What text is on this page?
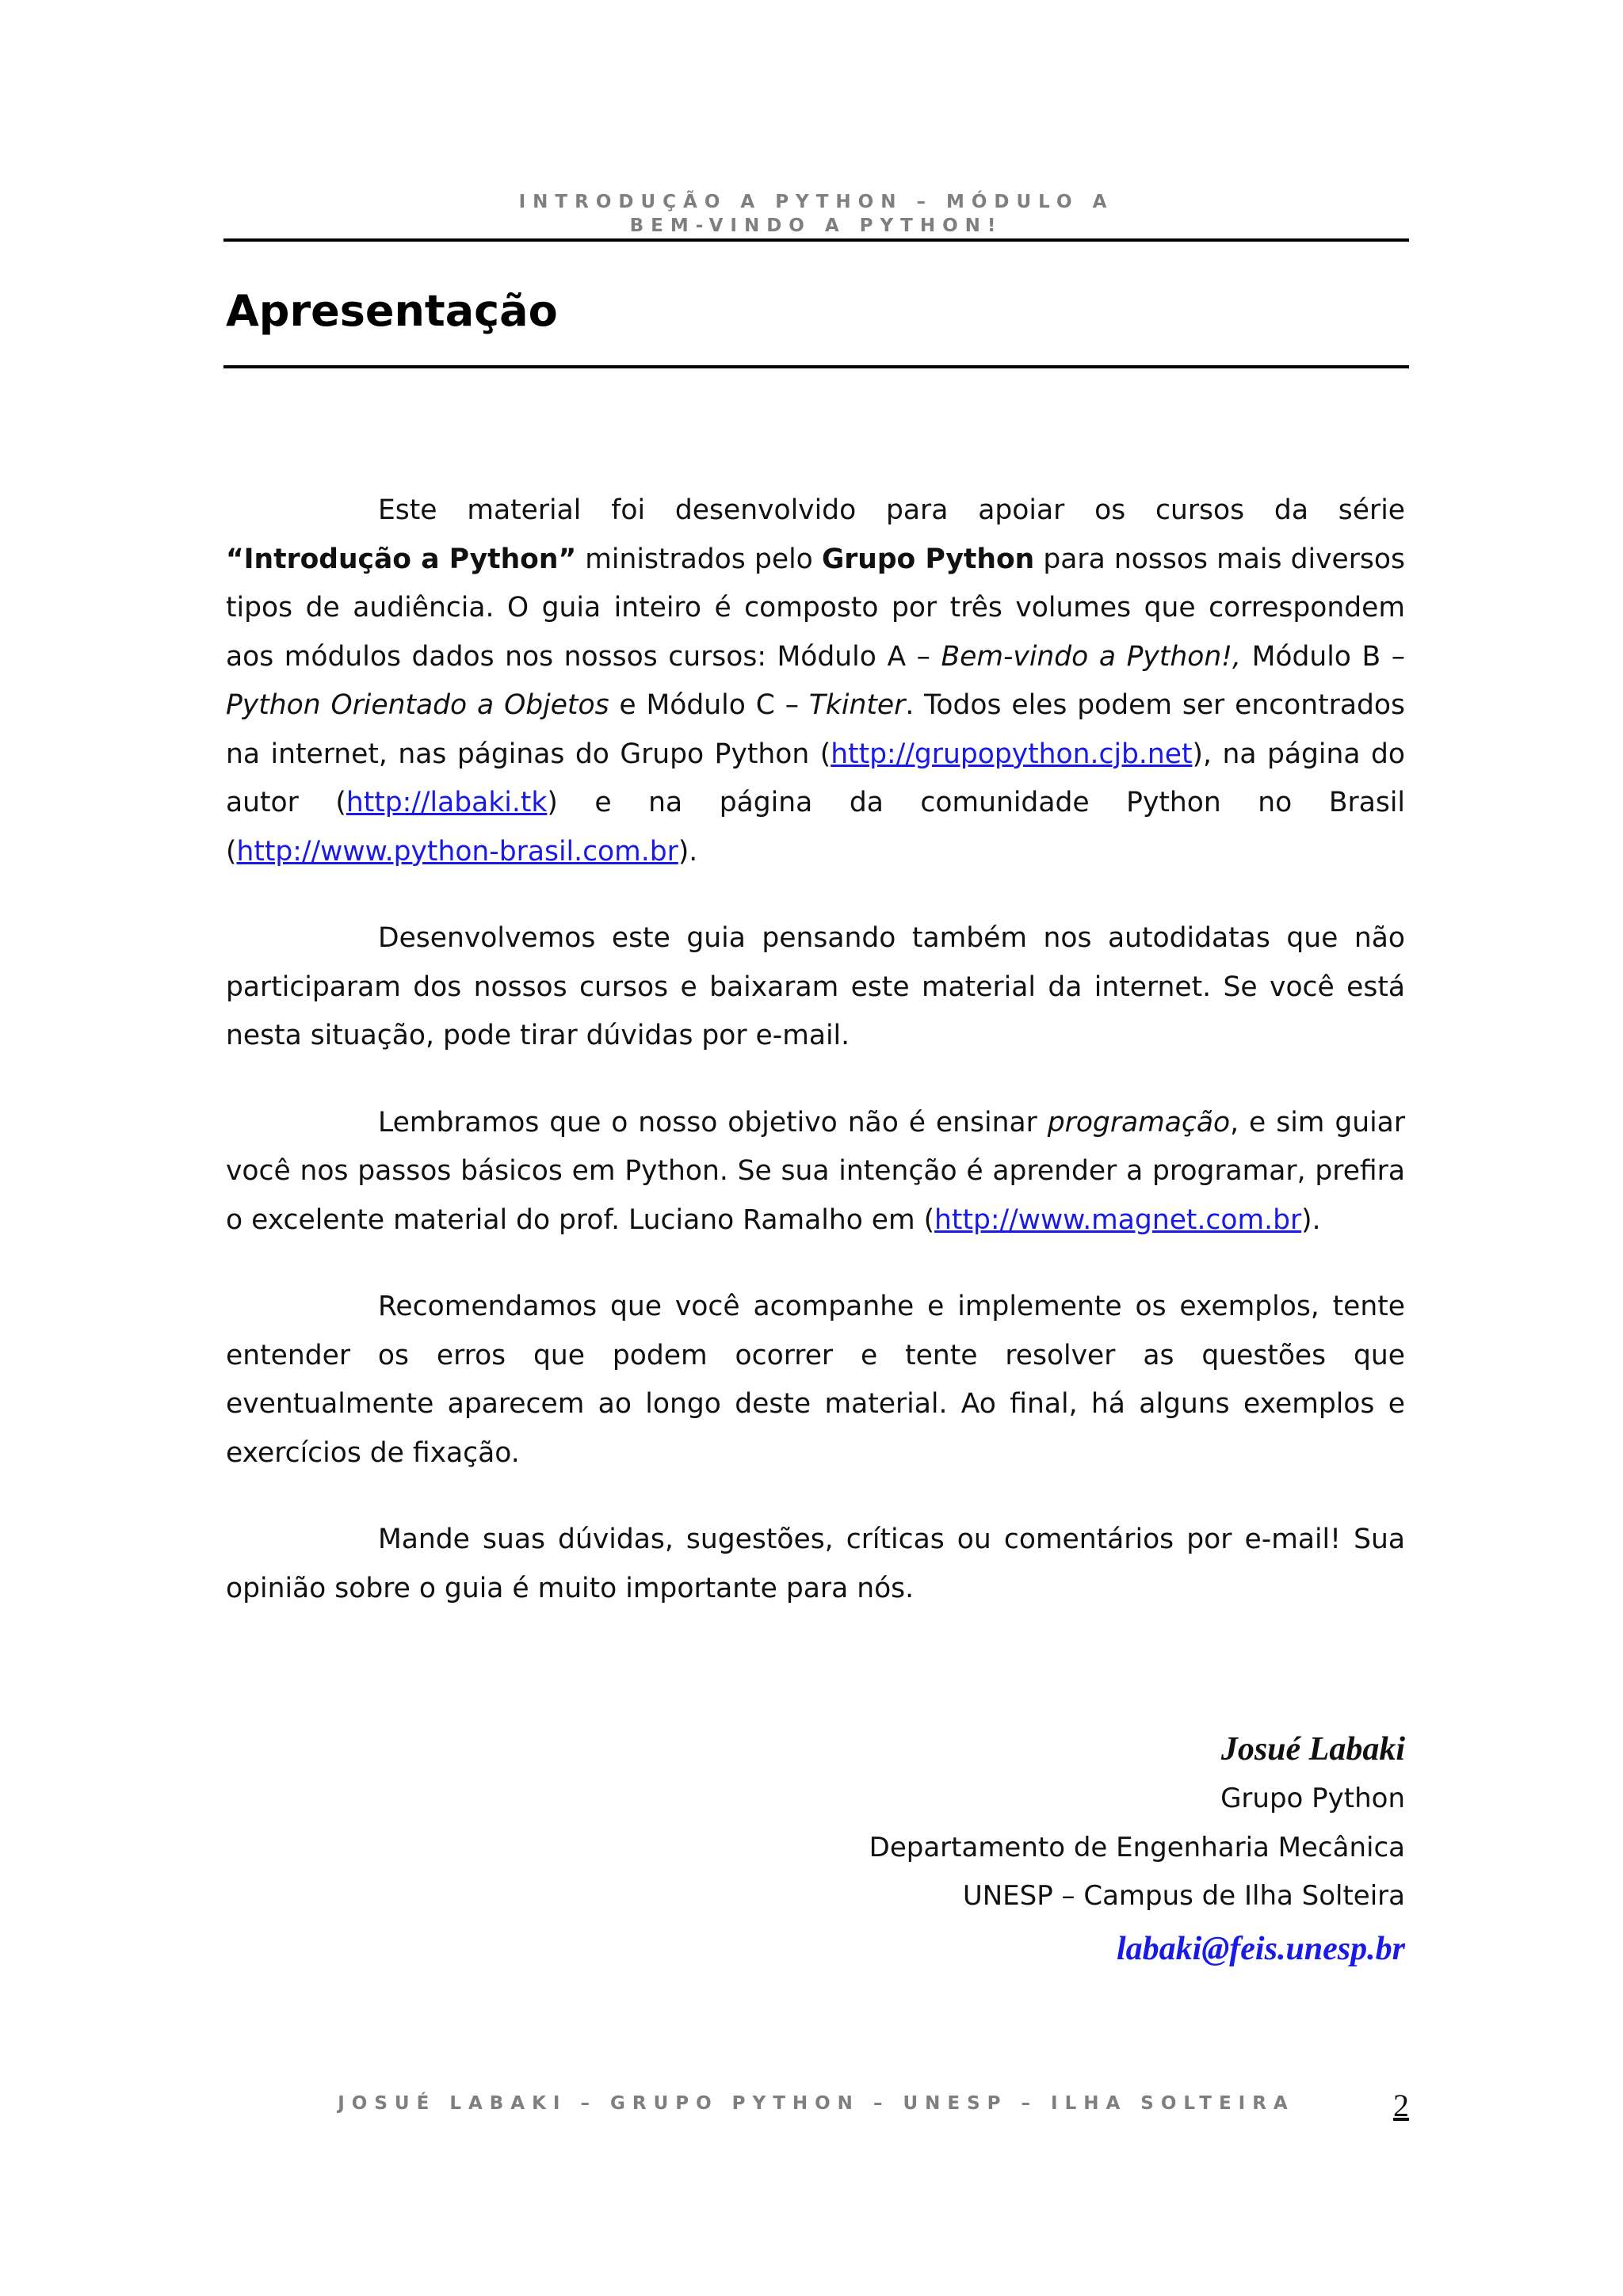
INTRODUÇÃO A PYTHON – MÓDULO A
BEM-VINDO A PYTHON!
Apresentação

Este material foi desenvolvido para apoiar os cursos da série “Introdução a Python” ministrados pelo Grupo Python para nossos mais diversos tipos de audiência. O guia inteiro é composto por três volumes que correspondem aos módulos dados nos nossos cursos: Módulo A – Bem-vindo a Python!, Módulo B – Python Orientado a Objetos e Módulo C – Tkinter. Todos eles podem ser encontrados na internet, nas páginas do Grupo Python (http://grupopython.cjb.net), na página do autor (http://labaki.tk) e na página da comunidade Python no Brasil (http://www.python-brasil.com.br).

Desenvolvemos este guia pensando também nos autodidatas que não participaram dos nossos cursos e baixaram este material da internet. Se você está nesta situação, pode tirar dúvidas por e-mail.

Lembramos que o nosso objetivo não é ensinar programação, e sim guiar você nos passos básicos em Python. Se sua intenção é aprender a programar, prefira o excelente material do prof. Luciano Ramalho em (http://www.magnet.com.br).

Recomendamos que você acompanhe e implemente os exemplos, tente entender os erros que podem ocorrer e tente resolver as questões que eventualmente aparecem ao longo deste material. Ao final, há alguns exemplos e exercícios de fixação.

Mande suas dúvidas, sugestões, críticas ou comentários por e-mail! Sua opinião sobre o guia é muito importante para nós.

Josué Labaki
Grupo Python
Departamento de Engenharia Mecânica
UNESP – Campus de Ilha Solteira
labaki@feis.unesp.br
JOSUÉ LABAKI – GRUPO PYTHON – UNESP – ILHA SOLTEIRA	2
